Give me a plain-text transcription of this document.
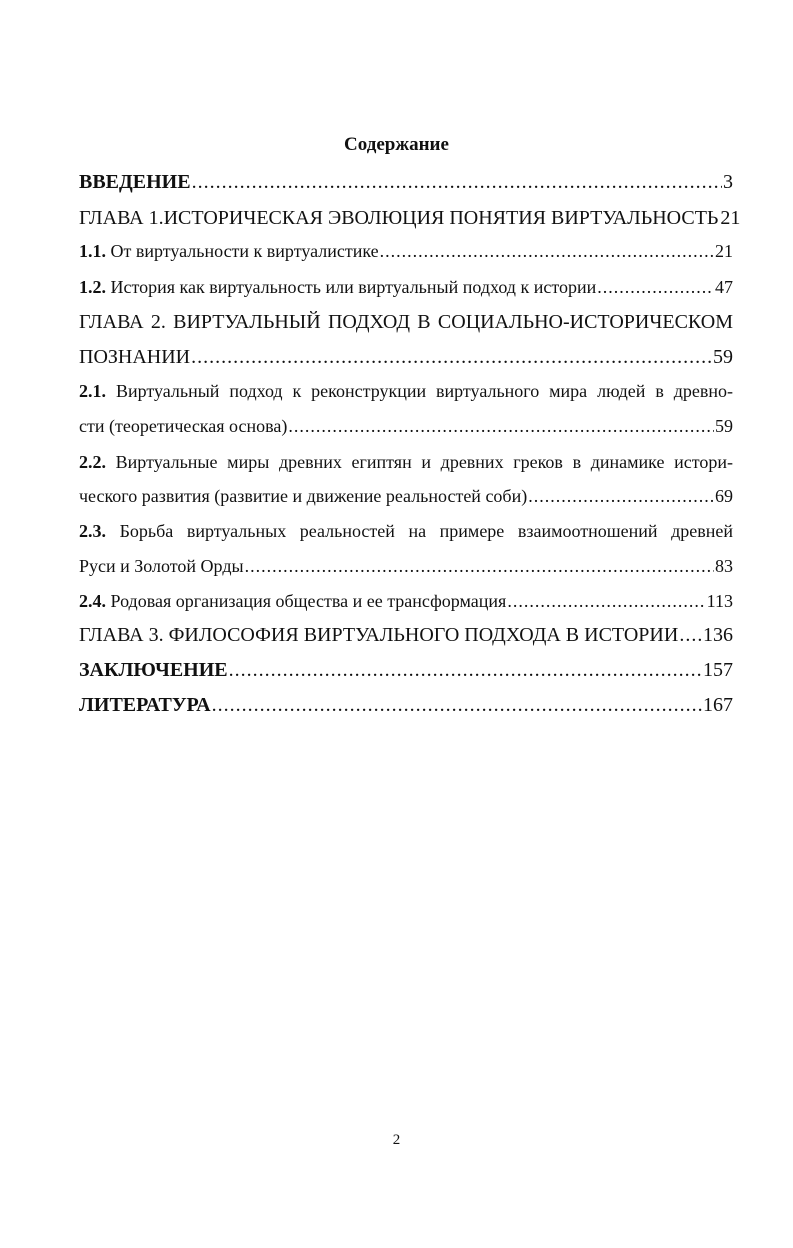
Содержание
ВВЕДЕНИЕ .....	3
ГЛАВА 1.ИСТОРИЧЕСКАЯ ЭВОЛЮЦИЯ ПОНЯТИЯ ВИРТУАЛЬНОСТЬ 21
1.1. От виртуальности к виртуалистике .....	21
1.2. История как виртуальность или виртуальный подход к истории .....	47
ГЛАВА 2. ВИРТУАЛЬНЫЙ ПОДХОД В СОЦИАЛЬНО-ИСТОРИЧЕСКОМ
ПОЗНАНИИ .....	59
2.1. Виртуальный подход к реконструкции виртуального мира людей в древно-
сти (теоретическая основа) .....	59
2.2. Виртуальные миры древних египтян и древних греков в динамике истори-
ческого развития (развитие и движение реальностей соби) .....	69
2.3. Борьба виртуальных реальностей на примере взаимоотношений древней
Руси и Золотой Орды .....	83
2.4. Родовая организация общества и ее трансформация .....	113
ГЛАВА 3. ФИЛОСОФИЯ ВИРТУАЛЬНОГО ПОДХОДА В ИСТОРИИ ..... 136
ЗАКЛЮЧЕНИЕ .....	157
ЛИТЕРАТУРА .....	167
2
